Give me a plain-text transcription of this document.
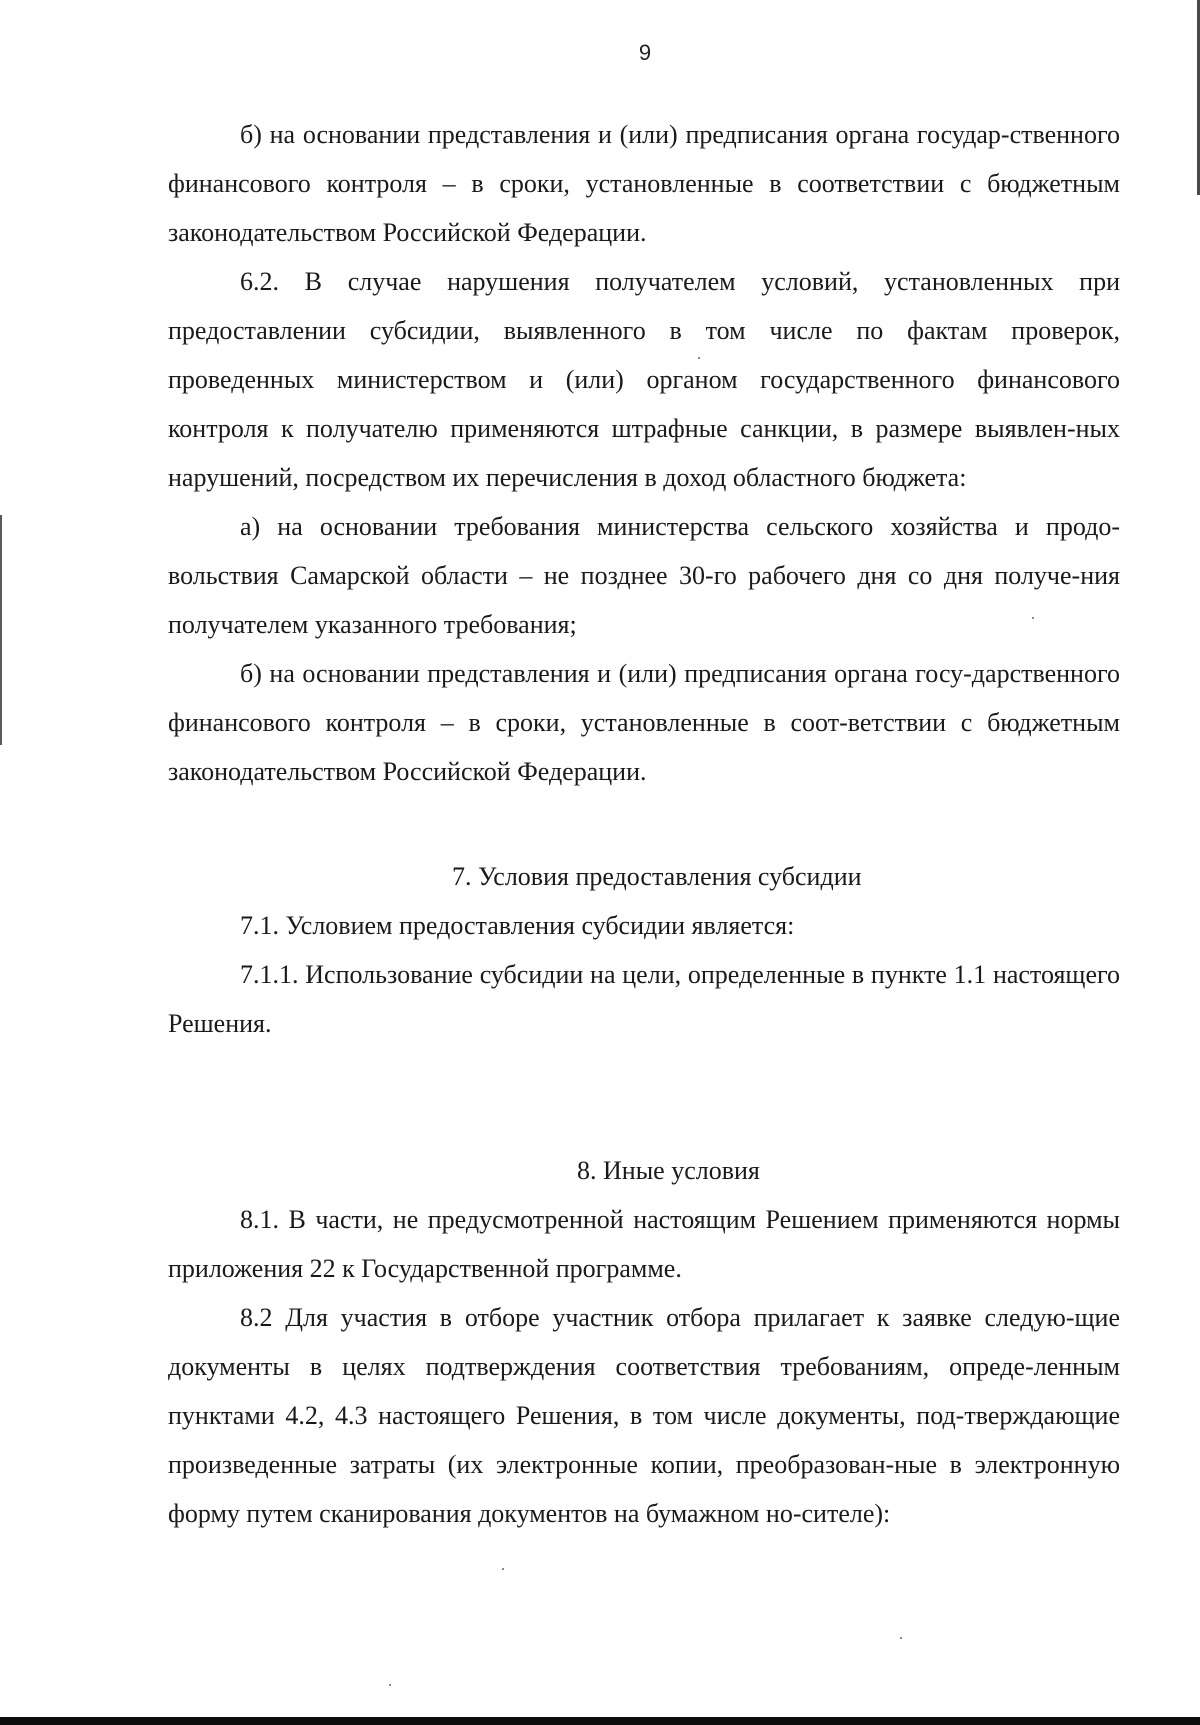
9

б) на основании представления и (или) предписания органа государ-ственного финансового контроля – в сроки, установленные в соответствии с бюджетным законодательством Российской Федерации.

6.2. В случае нарушения получателем условий, установленных при предоставлении субсидии, выявленного в том числе по фактам проверок, проведенных министерством и (или) органом государственного финансового контроля к получателю применяются штрафные санкции, в размере выявлен-ных нарушений, посредством их перечисления в доход областного бюджета:

а) на основании требования министерства сельского хозяйства и продо-вольствия Самарской области – не позднее 30-го рабочего дня со дня получе-ния получателем указанного требования;

б) на основании представления и (или) предписания органа госу-дарственного финансового контроля – в сроки, установленные в соот-ветствии с бюджетным законодательством Российской Федерации.

7. Условия предоставления субсидии

7.1. Условием предоставления субсидии является:

7.1.1. Использование субсидии на цели, определенные в пункте 1.1 настоящего Решения.

8. Иные условия

8.1. В части, не предусмотренной настоящим Решением применяются нормы приложения 22 к Государственной программе.

8.2 Для участия в отборе участник отбора прилагает к заявке следую-щие документы в целях подтверждения соответствия требованиям, опреде-ленным пунктами 4.2, 4.3 настоящего Решения, в том числе документы, под-тверждающие произведенные затраты (их электронные копии, преобразован-ные в электронную форму путем сканирования документов на бумажном но-сителе):
